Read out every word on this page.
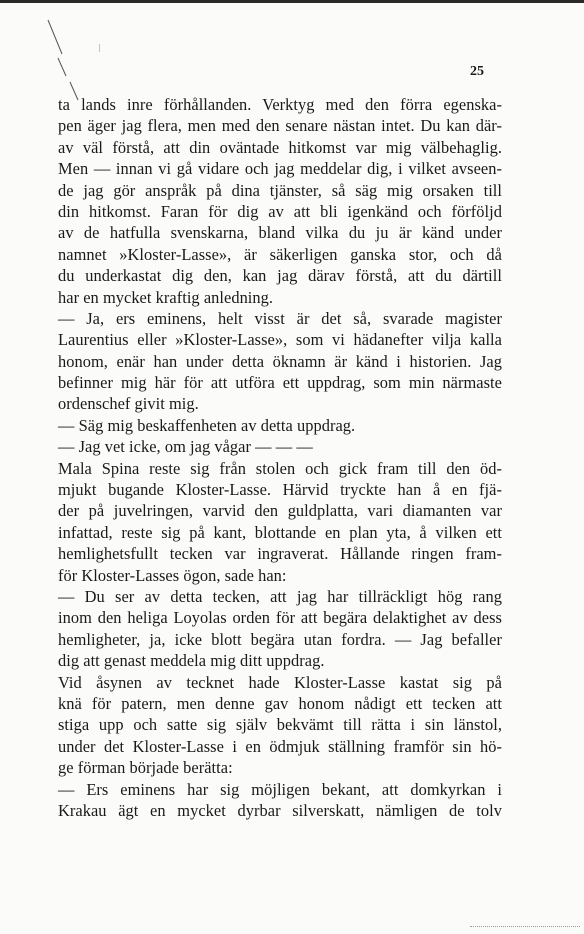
25
ta lands inre förhållanden. Verktyg med den förra egenska-
pen äger jag flera, men med den senare nästan intet. Du kan där-
av väl förstå, att din oväntade hitkomst var mig välbehaglig.
Men — innan vi gå vidare och jag meddelar dig, i vilket avseen-
de jag gör anspråk på dina tjänster, så säg mig orsaken till
din hitkomst. Faran för dig av att bli igenkänd och förföljd
av de hatfulla svenskarna, bland vilka du ju är känd under
namnet »Kloster-Lasse», är säkerligen ganska stor, och då
du underkastat dig den, kan jag därav förstå, att du därtill
har en mycket kraftig anledning.
— Ja, ers eminens, helt visst är det så, svarade magister
Laurentius eller »Kloster-Lasse», som vi hädanefter vilja kalla
honom, enär han under detta öknamn är känd i historien. Jag
befinner mig här för att utföra ett uppdrag, som min närmaste
ordenschef givit mig.
— Säg mig beskaffenheten av detta uppdrag.
— Jag vet icke, om jag vågar — — —
Mala Spina reste sig från stolen och gick fram till den öd-
mjukt bugande Kloster-Lasse. Härvid tryckte han å en fjä-
der på juvelringen, varvid den guldplatta, vari diamanten var
infattad, reste sig på kant, blottande en plan yta, å vilken ett
hemlighetsfullt tecken var ingraverat. Hållande ringen fram-
för Kloster-Lasses ögon, sade han:
— Du ser av detta tecken, att jag har tillräckligt hög rang
inom den heliga Loyolas orden för att begära delaktighet av dess
hemligheter, ja, icke blott begära utan fordra. — Jag befaller
dig att genast meddela mig ditt uppdrag.
Vid åsynen av tecknet hade Kloster-Lasse kastat sig på
knä för patern, men denne gav honom nådigt ett tecken att
stiga upp och satte sig själv bekvämt till rätta i sin länstol,
under det Kloster-Lasse i en ödmjuk ställning framför sin hö-
ge förman började berätta:
— Ers eminens har sig möjligen bekant, att domkyrkan i
Krakau ägt en mycket dyrbar silverskatt, nämligen de tolv
